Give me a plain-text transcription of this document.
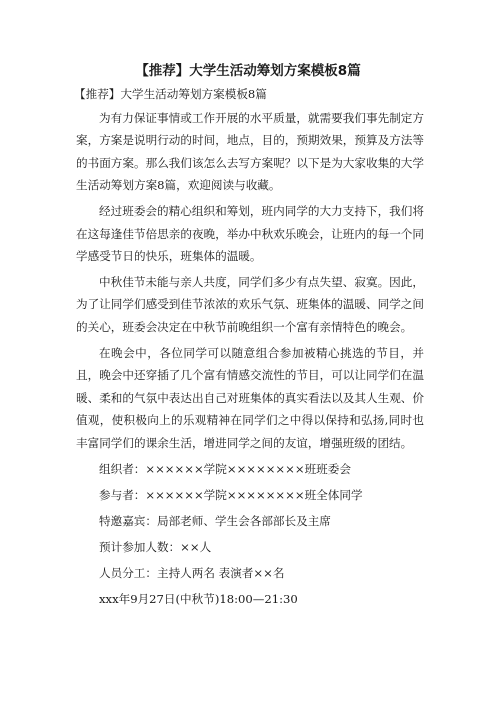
【推荐】大学生活动筹划方案模板8篇

【推荐】大学生活动筹划方案模板8篇

为有力保证事情或工作开展的水平质量，就需要我们事先制定方案，方案是说明行动的时间，地点，目的，预期效果，预算及方法等的书面方案。那么我们该怎么去写方案呢？以下是为大家收集的大学生活动筹划方案8篇，欢迎阅读与收藏。

经过班委会的精心组织和筹划，班内同学的大力支持下，我们将在这每逢佳节倍思亲的夜晚，举办中秋欢乐晚会，让班内的每一个同学感受节日的快乐，班集体的温暖。

中秋佳节未能与亲人共度，同学们多少有点失望、寂寞。因此，为了让同学们感受到佳节浓浓的欢乐气氛、班集体的温暖、同学之间的关心，班委会决定在中秋节前晚组织一个富有亲情特色的晚会。

在晚会中，各位同学可以随意组合参加被精心挑选的节目，并且，晚会中还穿插了几个富有情感交流性的节目，可以让同学们在温暖、柔和的气氛中表达出自己对班集体的真实看法以及其人生观、价值观，使积极向上的乐观精神在同学们之中得以保持和弘扬,同时也丰富同学们的课余生活，增进同学之间的友谊，增强班级的团结。

组织者：××××××学院××××××××班班委会

参与者：××××××学院××××××××班全体同学

特邀嘉宾：局部老师、学生会各部部长及主席

预计参加人数：××人

人员分工：主持人两名 表演者××名

xxx年9月27日(中秋节)18:00—21:30
